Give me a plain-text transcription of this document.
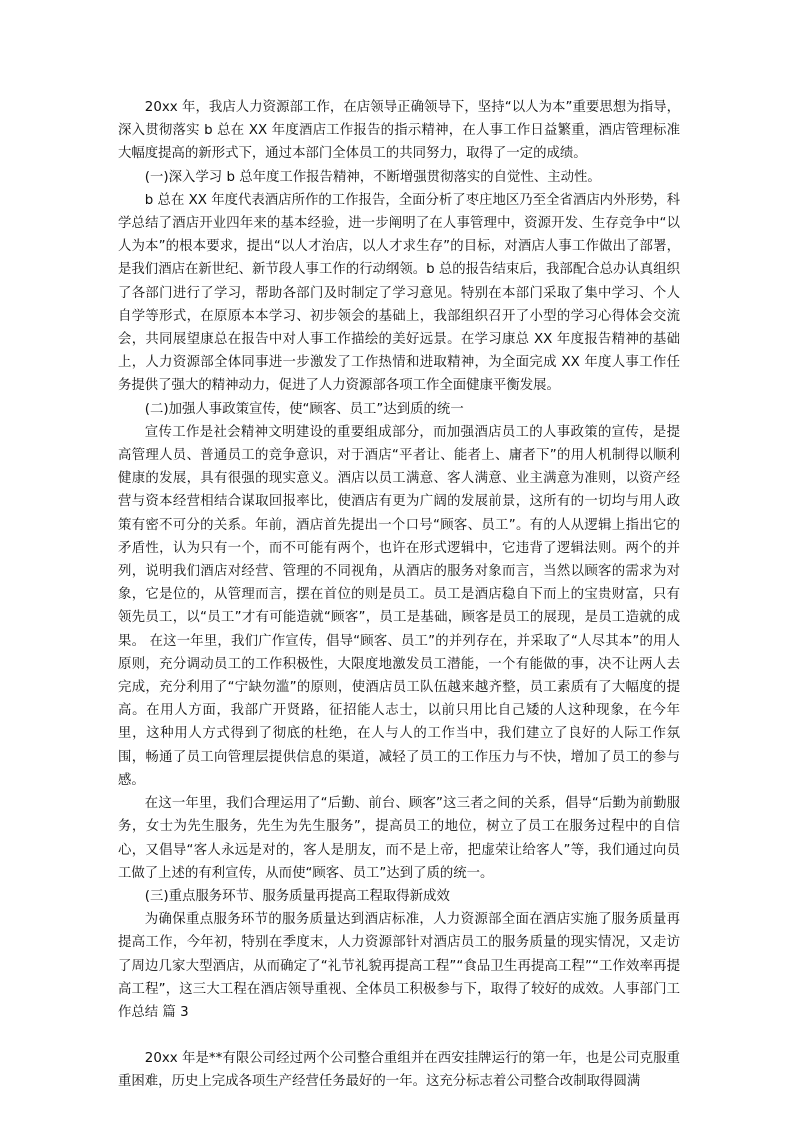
20xx 年，我店人力资源部工作，在店领导正确领导下，坚持“以人为本”重要思想为指导，深入贯彻落实 b 总在 XX 年度酒店工作报告的指示精神，在人事工作日益繁重，酒店管理标准大幅度提高的新形式下，通过本部门全体员工的共同努力，取得了一定的成绩。

(一)深入学习 b 总年度工作报告精神，不断增强贯彻落实的自觉性、主动性。

b 总在 XX 年度代表酒店所作的工作报告，全面分析了枣庄地区乃至全省酒店内外形势，科学总结了酒店开业四年来的基本经验，进一步阐明了在人事管理中，资源开发、生存竞争中“以人为本”的根本要求，提出“以人才治店，以人才求生存”的目标，对酒店人事工作做出了部署，是我们酒店在新世纪、新节段人事工作的行动纲领。b 总的报告结束后，我部配合总办认真组织了各部门进行了学习，帮助各部门及时制定了学习意见。特别在本部门采取了集中学习、个人自学等形式，在原原本本学习、初步领会的基础上，我部组织召开了小型的学习心得体会交流会，共同展望康总在报告中对人事工作描绘的美好远景。在学习康总 XX 年度报告精神的基础上，人力资源部全体同事进一步激发了工作热情和进取精神，为全面完成 XX 年度人事工作任务提供了强大的精神动力，促进了人力资源部各项工作全面健康平衡发展。

(二)加强人事政策宣传，使“顾客、员工”达到质的统一

宣传工作是社会精神文明建设的重要组成部分，而加强酒店员工的人事政策的宣传，是提高管理人员、普通员工的竞争意识，对于酒店“平者让、能者上、庸者下”的用人机制得以顺利健康的发展，具有很强的现实意义。酒店以员工满意、客人满意、业主满意为准则，以资产经营与资本经营相结合谋取回报率比，使酒店有更为广阔的发展前景，这所有的一切均与用人政策有密不可分的关系。年前，酒店首先提出一个口号“顾客、员工”。有的人从逻辑上指出它的矛盾性，认为只有一个，而不可能有两个，也许在形式逻辑中，它违背了逻辑法则。两个的并列，说明我们酒店对经营、管理的不同视角，从酒店的服务对象而言，当然以顾客的需求为对象，它是位的，从管理而言，摆在首位的则是员工。员工是酒店稳自下而上的宝贵财富，只有领先员工，以“员工”才有可能造就“顾客”，员工是基础，顾客是员工的展现，是员工造就的成果。 在这一年里，我们广作宣传，倡导“顾客、员工”的并列存在，并采取了“人尽其本”的用人原则，充分调动员工的工作积极性，大限度地激发员工潜能，一个有能做的事，决不让两人去完成，充分利用了“宁缺勿滥”的原则，使酒店员工队伍越来越齐整，员工素质有了大幅度的提高。在用人方面，我部广开贤路，征招能人志士，以前只用比自己矮的人这种现象，在今年里，这种用人方式得到了彻底的杜绝，在人与人的工作当中，我们建立了良好的人际工作氛围，畅通了员工向管理层提供信息的渠道，减轻了员工的工作压力与不快，增加了员工的参与感。

在这一年里，我们合理运用了“后勤、前台、顾客”这三者之间的关系，倡导“后勤为前勤服务，女士为先生服务，先生为先生服务”，提高员工的地位，树立了员工在服务过程中的自信心，又倡导“客人永远是对的，客人是朋友，而不是上帝，把虚荣让给客人”等，我们通过向员工做了上述的有利宣传，从而使“顾客、员工”达到了质的统一。

(三)重点服务环节、服务质量再提高工程取得新成效

为确保重点服务环节的服务质量达到酒店标准，人力资源部全面在酒店实施了服务质量再提高工作，今年初，特别在季度末，人力资源部针对酒店员工的服务质量的现实情况，又走访了周边几家大型酒店，从而确定了“礼节礼貌再提高工程”“食品卫生再提高工程”“工作效率再提高工程”，这三大工程在酒店领导重视、全体员工积极参与下，取得了较好的成效。人事部门工作总结 篇 3

20xx 年是**有限公司经过两个公司整合重组并在西安挂牌运行的第一年，也是公司克服重重困难，历史上完成各项生产经营任务最好的一年。这充分标志着公司整合改制取得圆满
